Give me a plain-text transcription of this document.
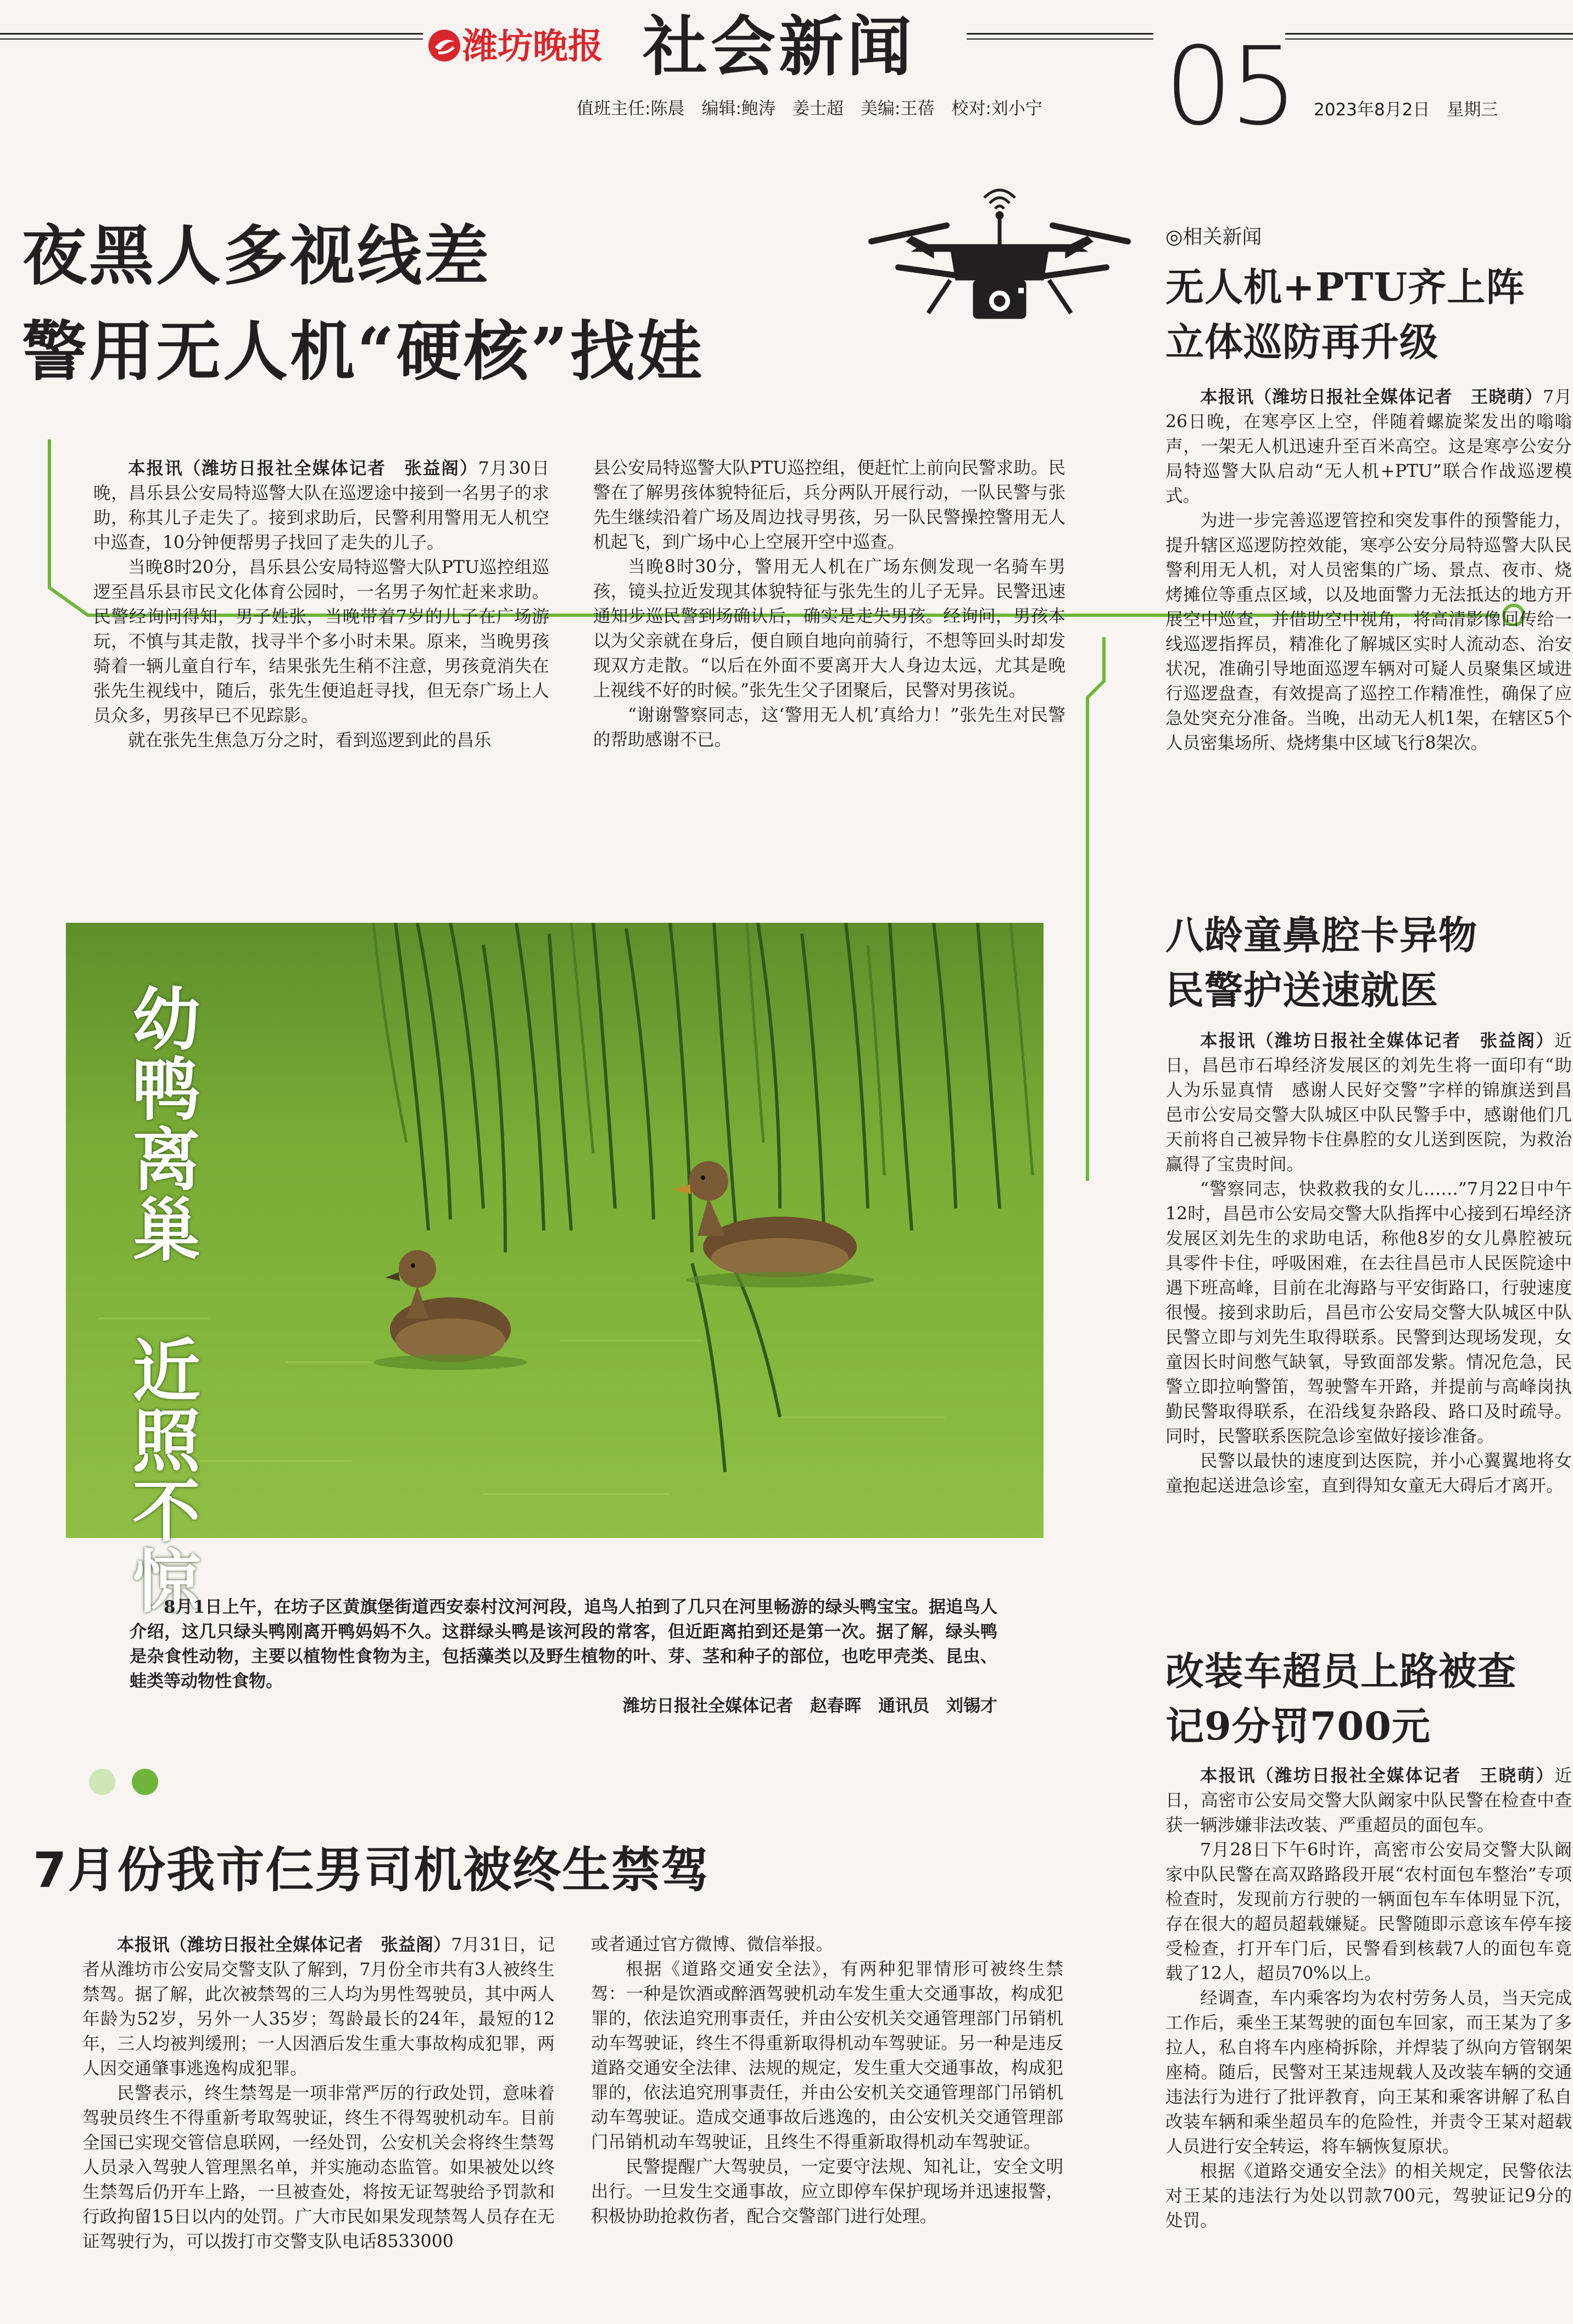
潍坊晚报 社会新闻
值班主任:陈晨　编辑:鲍涛　姜士超　美编:王蓓　校对:刘小宁 05 2023年8月2日　星期三
夜黑人多视线差
警用无人机“硬核”找娃

本报讯（潍坊日报社全媒体记者　张益阁）7月30日晚，昌乐县公安局特巡警大队在巡逻途中接到一名男子的求助，称其儿子走失了。接到求助后，民警利用警用无人机空中巡查，10分钟便帮男子找回了走失的儿子。

当晚8时20分，昌乐县公安局特巡警大队PTU巡控组巡逻至昌乐县市民文化体育公园时，一名男子匆忙赶来求助。民警经询问得知，男子姓张，当晚带着7岁的儿子在广场游玩，不慎与其走散，找寻半个多小时未果。原来，当晚男孩骑着一辆儿童自行车，结果张先生稍不注意，男孩竟消失在张先生视线中，随后，张先生便追赶寻找，但无奈广场上人员众多，男孩早已不见踪影。

就在张先生焦急万分之时，看到巡逻到此的昌乐

县公安局特巡警大队PTU巡控组，便赶忙上前向民警求助。民警在了解男孩体貌特征后，兵分两队开展行动，一队民警与张先生继续沿着广场及周边找寻男孩，另一队民警操控警用无人机起飞，到广场中心上空展开空中巡查。

当晚8时30分，警用无人机在广场东侧发现一名骑车男孩，镜头拉近发现其体貌特征与张先生的儿子无异。民警迅速通知步巡民警到场确认后，确实是走失男孩。经询问，男孩本以为父亲就在身后，便自顾自地向前骑行，不想等回头时却发现双方走散。“以后在外面不要离开大人身边太远，尤其是晚上视线不好的时候。”张先生父子团聚后，民警对男孩说。

“谢谢警察同志，这‘警用无人机’真给力！”张先生对民警的帮助感谢不已。

◎相关新闻
无人机+PTU齐上阵
立体巡防再升级

本报讯（潍坊日报社全媒体记者　王晓萌）7月26日晚，在寒亭区上空，伴随着螺旋桨发出的嗡嗡声，一架无人机迅速升至百米高空。这是寒亭公安分局特巡警大队启动“无人机+PTU”联合作战巡逻模式。

为进一步完善巡逻管控和突发事件的预警能力，提升辖区巡逻防控效能，寒亭公安分局特巡警大队民警利用无人机，对人员密集的广场、景点、夜市、烧烤摊位等重点区域，以及地面警力无法抵达的地方开展空中巡查，并借助空中视角，将高清影像回传给一线巡逻指挥员，精准化了解城区实时人流动态、治安状况，准确引导地面巡逻车辆对可疑人员聚集区域进行巡逻盘查，有效提高了巡控工作精准性，确保了应急处突充分准备。当晚，出动无人机1架，在辖区5个人员密集场所、烧烤集中区域飞行8架次。

幼鸭离巢　近照不惊

8月1日上午，在坊子区黄旗堡街道西安泰村汶河河段，追鸟人拍到了几只在河里畅游的绿头鸭宝宝。据追鸟人介绍，这几只绿头鸭刚离开鸭妈妈不久。这群绿头鸭是该河段的常客，但近距离拍到还是第一次。据了解，绿头鸭是杂食性动物，主要以植物性食物为主，包括藻类以及野生植物的叶、芽、茎和种子的部位，也吃甲壳类、昆虫、蛙类等动物性食物。

潍坊日报社全媒体记者　赵春晖　通讯员　刘锡才

八龄童鼻腔卡异物
民警护送速就医

本报讯（潍坊日报社全媒体记者　张益阁）近日，昌邑市石埠经济发展区的刘先生将一面印有“助人为乐显真情　感谢人民好交警”字样的锦旗送到昌邑市公安局交警大队城区中队民警手中，感谢他们几天前将自己被异物卡住鼻腔的女儿送到医院，为救治赢得了宝贵时间。

“警察同志，快救救我的女儿……”7月22日中午12时，昌邑市公安局交警大队指挥中心接到石埠经济发展区刘先生的求助电话，称他8岁的女儿鼻腔被玩具零件卡住，呼吸困难，在去往昌邑市人民医院途中遇下班高峰，目前在北海路与平安街路口，行驶速度很慢。接到求助后，昌邑市公安局交警大队城区中队民警立即与刘先生取得联系。民警到达现场发现，女童因长时间憋气缺氧，导致面部发紫。情况危急，民警立即拉响警笛，驾驶警车开路，并提前与高峰岗执勤民警取得联系，在沿线复杂路段、路口及时疏导。同时，民警联系医院急诊室做好接诊准备。

民警以最快的速度到达医院，并小心翼翼地将女童抱起送进急诊室，直到得知女童无大碍后才离开。

改装车超员上路被查
记9分罚700元

本报讯（潍坊日报社全媒体记者　王晓萌）近日，高密市公安局交警大队阚家中队民警在检查中查获一辆涉嫌非法改装、严重超员的面包车。

7月28日下午6时许，高密市公安局交警大队阚家中队民警在高双路路段开展“农村面包车整治”专项检查时，发现前方行驶的一辆面包车车体明显下沉，存在很大的超员超载嫌疑。民警随即示意该车停车接受检查，打开车门后，民警看到核载7人的面包车竟载了12人，超员70%以上。

经调查，车内乘客均为农村劳务人员，当天完成工作后，乘坐王某驾驶的面包车回家，而王某为了多拉人，私自将车内座椅拆除，并焊装了纵向方管钢架座椅。随后，民警对王某违规载人及改装车辆的交通违法行为进行了批评教育，向王某和乘客讲解了私自改装车辆和乘坐超员车的危险性，并责令王某对超载人员进行安全转运，将车辆恢复原状。

根据《道路交通安全法》的相关规定，民警依法对王某的违法行为处以罚款700元，驾驶证记9分的处罚。

7月份我市仨男司机被终生禁驾

本报讯（潍坊日报社全媒体记者　张益阁）7月31日，记者从潍坊市公安局交警支队了解到，7月份全市共有3人被终生禁驾。据了解，此次被禁驾的三人均为男性驾驶员，其中两人年龄为52岁，另外一人35岁；驾龄最长的24年，最短的12年，三人均被判缓刑；一人因酒后发生重大事故构成犯罪，两人因交通肇事逃逸构成犯罪。

民警表示，终生禁驾是一项非常严厉的行政处罚，意味着驾驶员终生不得重新考取驾驶证，终生不得驾驶机动车。目前全国已实现交管信息联网，一经处罚，公安机关会将终生禁驾人员录入驾驶人管理黑名单，并实施动态监管。如果被处以终生禁驾后仍开车上路，一旦被查处，将按无证驾驶给予罚款和行政拘留15日以内的处罚。广大市民如果发现禁驾人员存在无证驾驶行为，可以拨打市交警支队电话8533000

或者通过官方微博、微信举报。

根据《道路交通安全法》，有两种犯罪情形可被终生禁驾：一种是饮酒或醉酒驾驶机动车发生重大交通事故，构成犯罪的，依法追究刑事责任，并由公安机关交通管理部门吊销机动车驾驶证，终生不得重新取得机动车驾驶证。另一种是违反道路交通安全法律、法规的规定，发生重大交通事故，构成犯罪的，依法追究刑事责任，并由公安机关交通管理部门吊销机动车驾驶证。造成交通事故后逃逸的，由公安机关交通管理部门吊销机动车驾驶证，且终生不得重新取得机动车驾驶证。

民警提醒广大驾驶员，一定要守法规、知礼让，安全文明出行。一旦发生交通事故，应立即停车保护现场并迅速报警，积极协助抢救伤者，配合交警部门进行处理。
